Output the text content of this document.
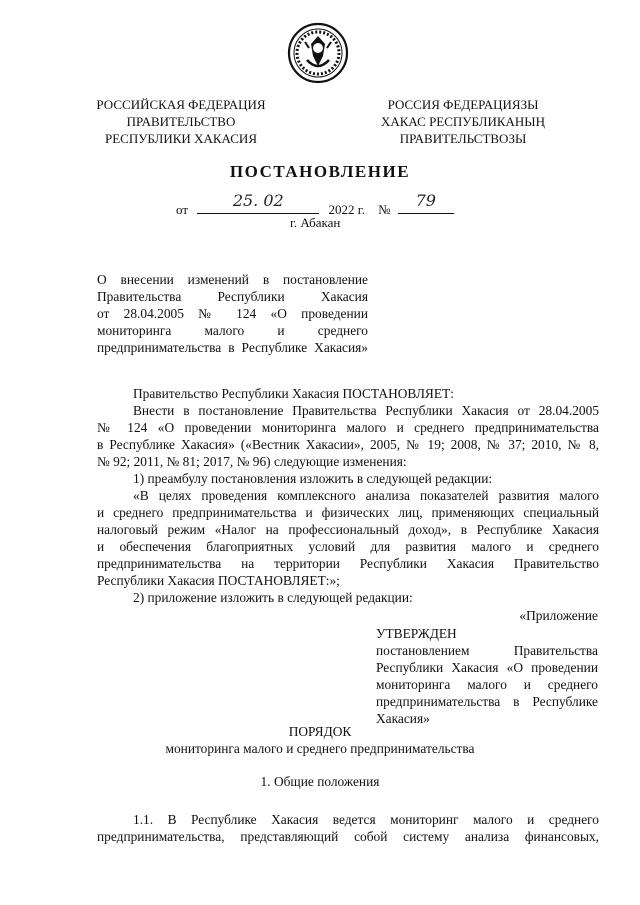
РОССИЙСКАЯ ФЕДЕРАЦИЯ
ПРАВИТЕЛЬСТВО
РЕСПУБЛИКИ ХАКАСИЯ
РОССИЯ ФЕДЕРАЦИЯЗЫ
ХАКАС РЕСПУБЛИКАНЫҢ
ПРАВИТЕЛЬСТВОЗЫ
ПОСТАНОВЛЕНИЕ
от	25. 02	2022 г. №	79
г. Абакан
О внесении изменений в постановление
Правительства Республики Хакасия
от 28.04.2005 № 124 «О проведении
мониторинга малого и среднего
предпринимательства в Республике Хакасия»
Правительство Республики Хакасия ПОСТАНОВЛЯЕТ:
Внести в постановление Правительства Республики Хакасия от 28.04.2005
№ 124 «О проведении мониторинга малого и среднего предпринимательства
в Республике Хакасия» («Вестник Хакасии», 2005, № 19; 2008, № 37; 2010, № 8,
№ 92; 2011, № 81; 2017, № 96) следующие изменения:
1) преамбулу постановления изложить в следующей редакции:
«В целях проведения комплексного анализа показателей развития малого
и среднего предпринимательства и физических лиц, применяющих специальный
налоговый режим «Налог на профессиональный доход», в Республике Хакасия
и обеспечения благоприятных условий для развития малого и среднего
предпринимательства на территории Республики Хакасия Правительство
Республики Хакасия ПОСТАНОВЛЯЕТ:»;
2) приложение изложить в следующей редакции:
«Приложение
УТВЕРЖДЕН
постановлением Правительства
Республики Хакасия «О проведении
мониторинга малого и среднего
предпринимательства в Республике
Хакасия»
ПОРЯДОК
мониторинга малого и среднего предпринимательства
1. Общие положения
1.1. В Республике Хакасия ведется мониторинг малого и среднего
предпринимательства, представляющий собой систему анализа финансовых,
